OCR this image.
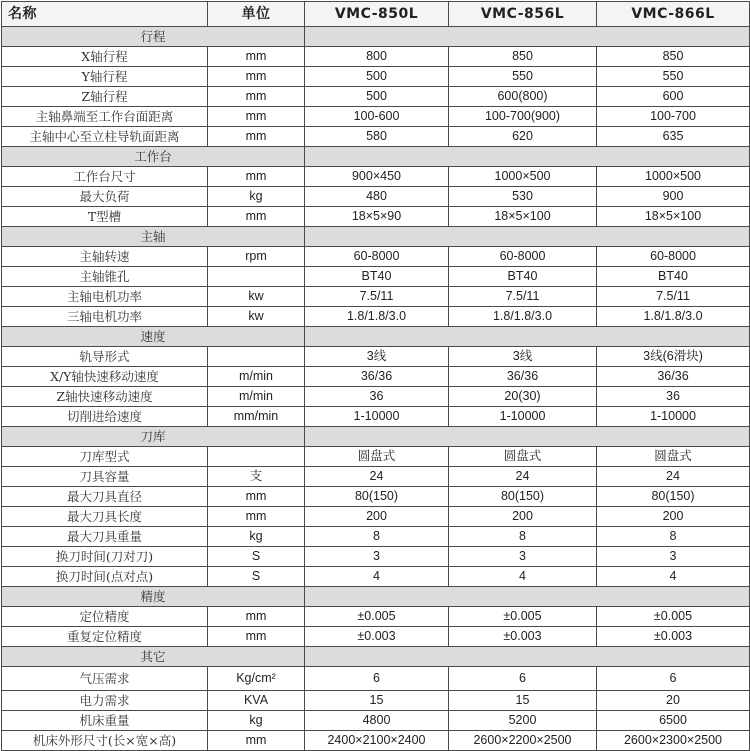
名称	单位	VMC-850L	VMC-856L	VMC-866L
行程				
X轴行程	mm	800	850	850
Y轴行程	mm	500	550	550
Z轴行程	mm	500	600(800)	600
主轴鼻端至工作台面距离	mm	100-600	100-700(900)	100-700
主轴中心至立柱导轨面距离	mm	580	620	635
工作台				
工作台尺寸	mm	900×450	1000×500	1000×500
最大负荷	kg	480	530	900
T型槽	mm	18×5×90	18×5×100	18×5×100
主轴				
主轴转速	rpm	60-8000	60-8000	60-8000
主轴锥孔		BT40	BT40	BT40
主轴电机功率	kw	7.5/11	7.5/11	7.5/11
三轴电机功率	kw	1.8/1.8/3.0	1.8/1.8/3.0	1.8/1.8/3.0
速度				
轨导形式		3线	3线	3线(6滑块)
X/Y轴快速移动速度	m/min	36/36	36/36	36/36
Z轴快速移动速度	m/min	36	20(30)	36
切削进给速度	mm/min	1-10000	1-10000	1-10000
刀库				
刀库型式		圆盘式	圆盘式	圆盘式
刀具容量	支	24	24	24
最大刀具直径	mm	80(150)	80(150)	80(150)
最大刀具长度	mm	200	200	200
最大刀具重量	kg	8	8	8
换刀时间(刀对刀)	S	3	3	3
换刀时间(点对点)	S	4	4	4
精度				
定位精度	mm	±0.005	±0.005	±0.005
重复定位精度	mm	±0.003	±0.003	±0.003
其它				
气压需求	Kg/cm²	6	6	6
电力需求	KVA	15	15	20
机床重量	kg	4800	5200	6500
机床外形尺寸(长×宽×高)	mm	2400×2100×2400	2600×2200×2500	2600×2300×2500
